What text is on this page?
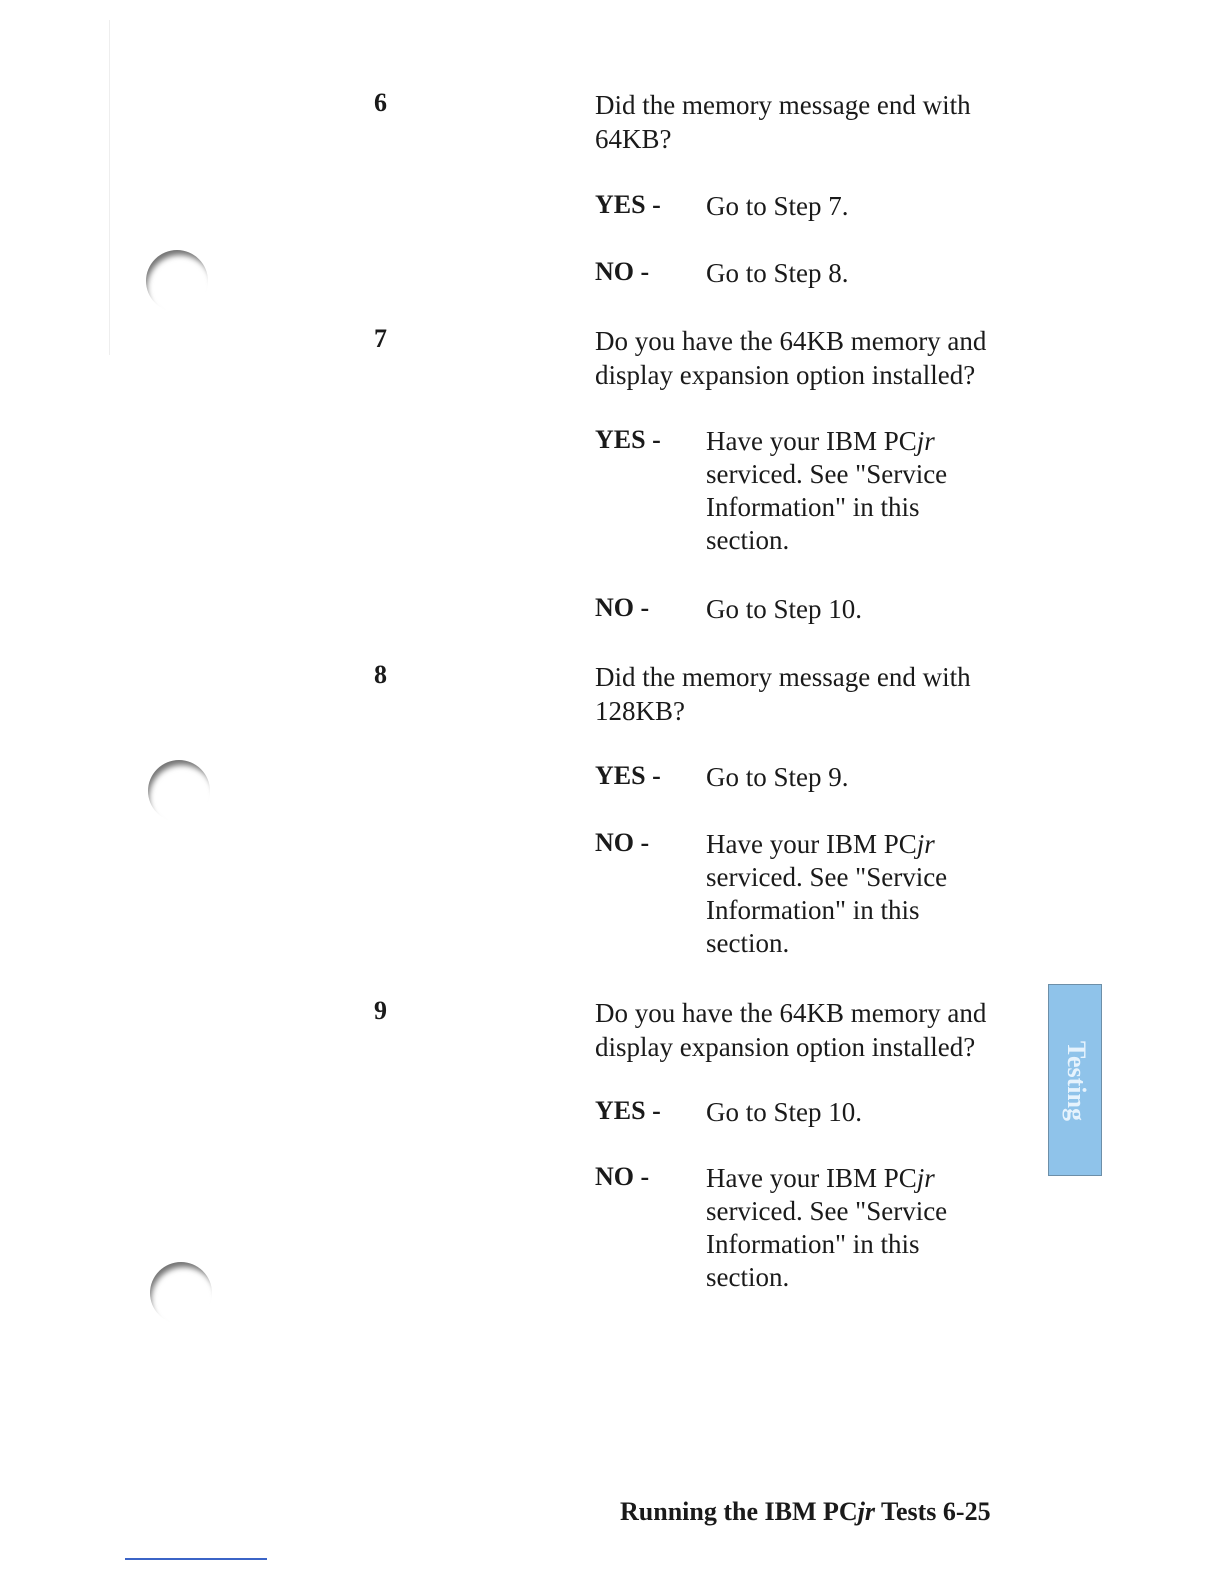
6	Did the memory message end with 64KB?
YES - Go to Step 7.
NO - Go to Step 8.
7	Do you have the 64KB memory and display expansion option installed?
YES - Have your IBM PCjr serviced. See "Service Information" in this section.
NO - Go to Step 10.
8	Did the memory message end with 128KB?
YES - Go to Step 9.
NO - Have your IBM PCjr serviced. See "Service Information" in this section.
9	Do you have the 64KB memory and display expansion option installed?
YES - Go to Step 10.
NO - Have your IBM PCjr serviced. See "Service Information" in this section.
Testing
Running the IBM PCjr Tests 6-25
